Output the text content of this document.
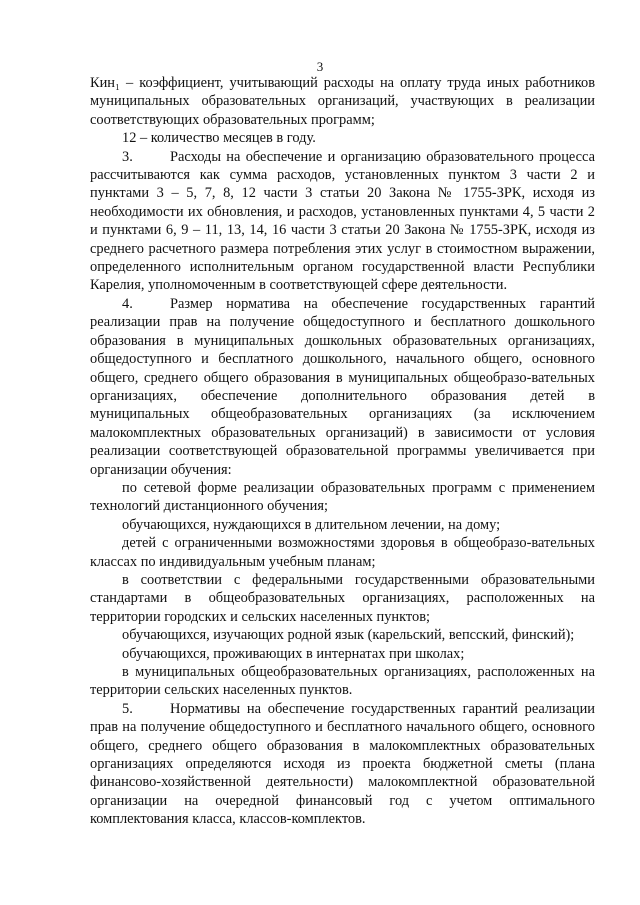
3

Кин₁ – коэффициент, учитывающий расходы на оплату труда иных работников муниципальных образовательных организаций, участвующих в реализации соответствующих образовательных программ;

12 – количество месяцев в году.

3.	Расходы на обеспечение и организацию образовательного процесса рассчитываются как сумма расходов, установленных пунктом 3 части 2 и пунктами 3 – 5, 7, 8, 12 части 3 статьи 20 Закона № 1755-ЗРК, исходя из необходимости их обновления, и расходов, установленных пунктами 4, 5 части 2 и пунктами 6, 9 – 11, 13, 14, 16 части 3 статьи 20 Закона № 1755-ЗРК, исходя из среднего расчетного размера потребления этих услуг в стоимостном выражении, определенного исполнительным органом государственной власти Республики Карелия, уполномоченным в соответствующей сфере деятельности.

4.	Размер норматива на обеспечение государственных гарантий реализации прав на получение общедоступного и бесплатного дошкольного образования в муниципальных дошкольных образовательных организациях, общедоступного и бесплатного дошкольного, начального общего, основного общего, среднего общего образования в муниципальных общеобразо-вательных организациях, обеспечение дополнительного образования детей в муниципальных общеобразовательных организациях (за исключением малокомплектных образовательных организаций) в зависимости от условия реализации соответствующей образовательной программы увеличивается при организации обучения:

по сетевой форме реализации образовательных программ с применением технологий дистанционного обучения;

обучающихся, нуждающихся в длительном лечении, на дому;

детей с ограниченными возможностями здоровья в общеобразо-вательных классах по индивидуальным учебным планам;

в соответствии с федеральными государственными образовательными стандартами в общеобразовательных организациях, расположенных на территории городских и сельских населенных пунктов;

обучающихся, изучающих родной язык (карельский, вепсский, финский);

обучающихся, проживающих в интернатах при школах;

в муниципальных общеобразовательных организациях, расположенных на территории сельских населенных пунктов.

5.	Нормативы на обеспечение государственных гарантий реализации прав на получение общедоступного и бесплатного начального общего, основного общего, среднего общего образования в малокомплектных образовательных организациях определяются исходя из проекта бюджетной сметы (плана финансово-хозяйственной деятельности) малокомплектной образовательной организации на очередной финансовый год с учетом оптимального комплектования класса, классов-комплектов.
